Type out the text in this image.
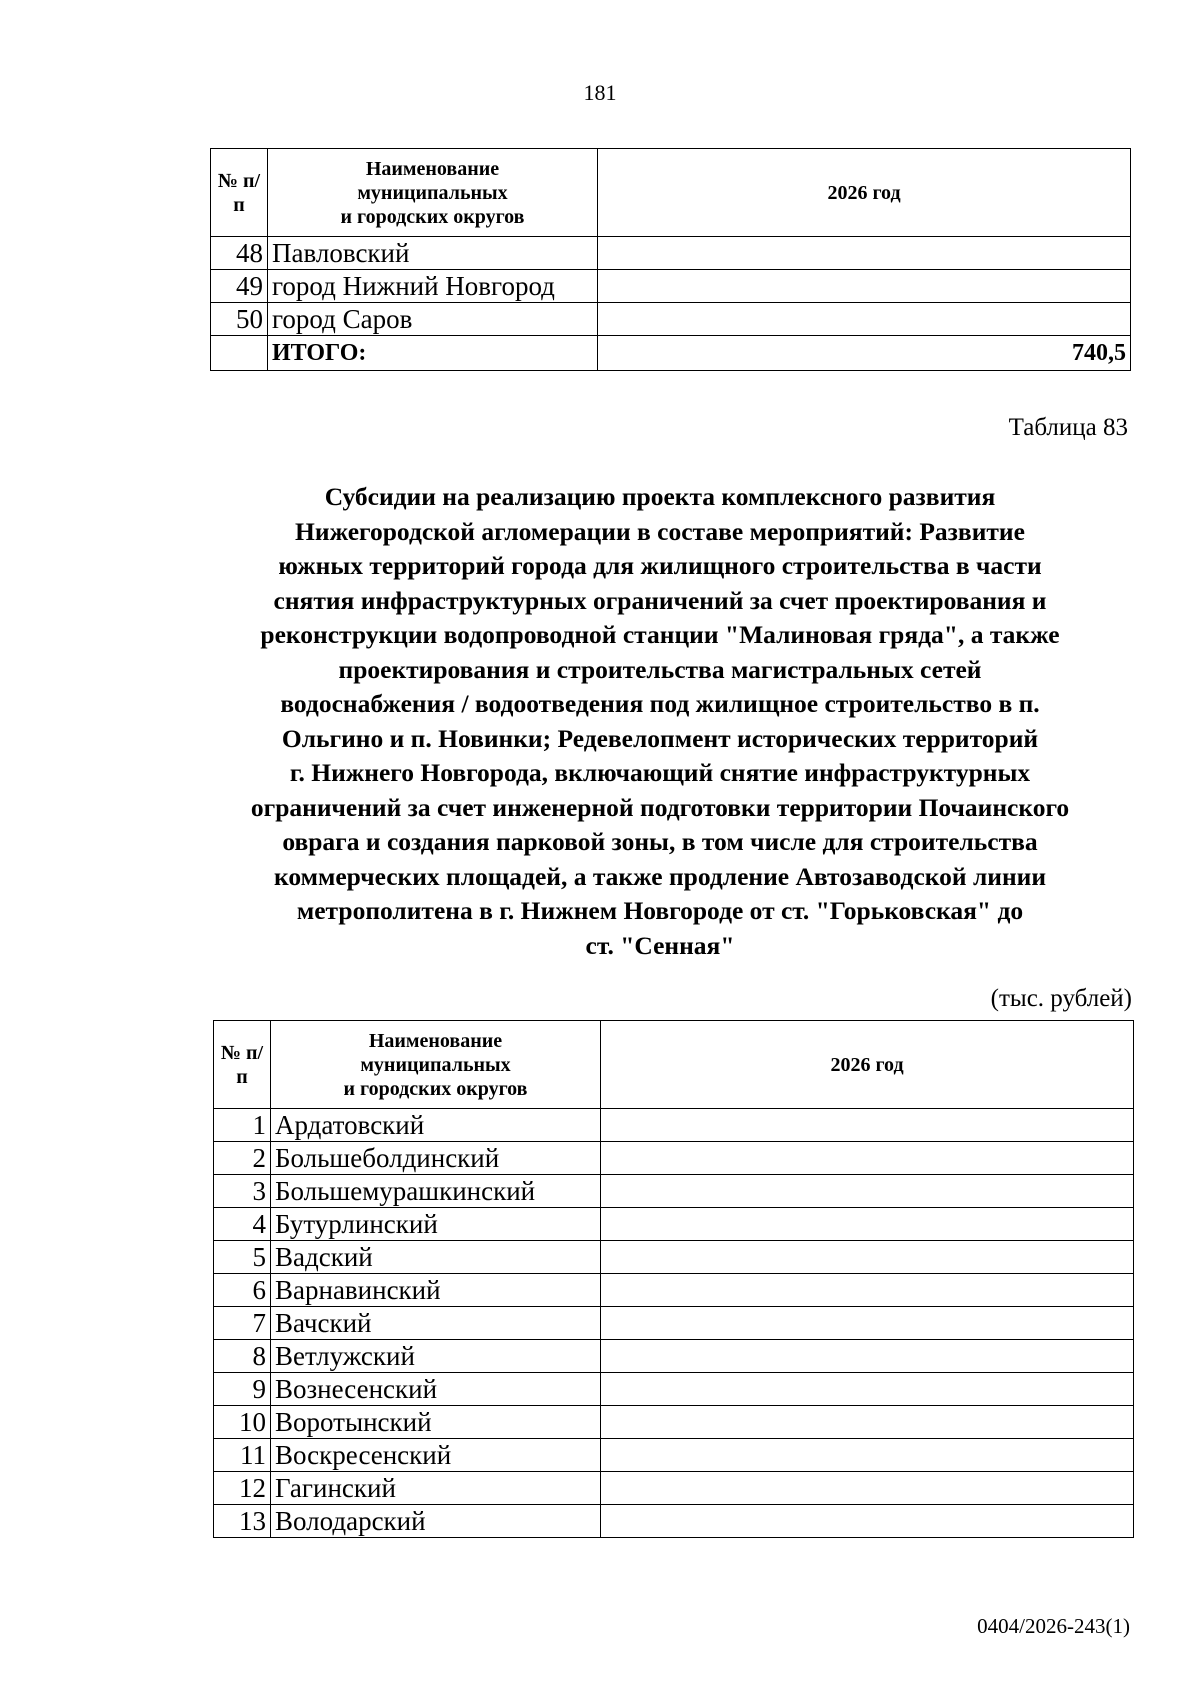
181
№ п/п	Наименование
муниципальных
и городских округов	2026 год
48	Павловский	
49	город Нижний Новгород	
50	город Саров	
	ИТОГО:	740,5
Таблица 83
Субсидии на реализацию проекта комплексного развития
Нижегородской агломерации в составе мероприятий: Развитие
южных территорий города для жилищного строительства в части
снятия инфраструктурных ограничений за счет проектирования и
реконструкции водопроводной станции "Малиновая гряда", а также
проектирования и строительства магистральных сетей
водоснабжения / водоотведения под жилищное строительство в п.
Ольгино и п. Новинки; Редевелопмент исторических территорий
г. Нижнего Новгорода, включающий снятие инфраструктурных
ограничений за счет инженерной подготовки территории Почаинского
оврага и создания парковой зоны, в том числе для строительства
коммерческих площадей, а также продление Автозаводской линии
метрополитена в г. Нижнем Новгороде от ст. "Горьковская" до
ст. "Сенная"
(тыс. рублей)
№ п/п	Наименование
муниципальных
и городских округов	2026 год
1	Ардатовский	
2	Большеболдинский	
3	Большемурашкинский	
4	Бутурлинский	
5	Вадский	
6	Варнавинский	
7	Вачский	
8	Ветлужский	
9	Вознесенский	
10	Воротынский	
11	Воскресенский	
12	Гагинский	
13	Володарский	
0404/2026-243(1)
